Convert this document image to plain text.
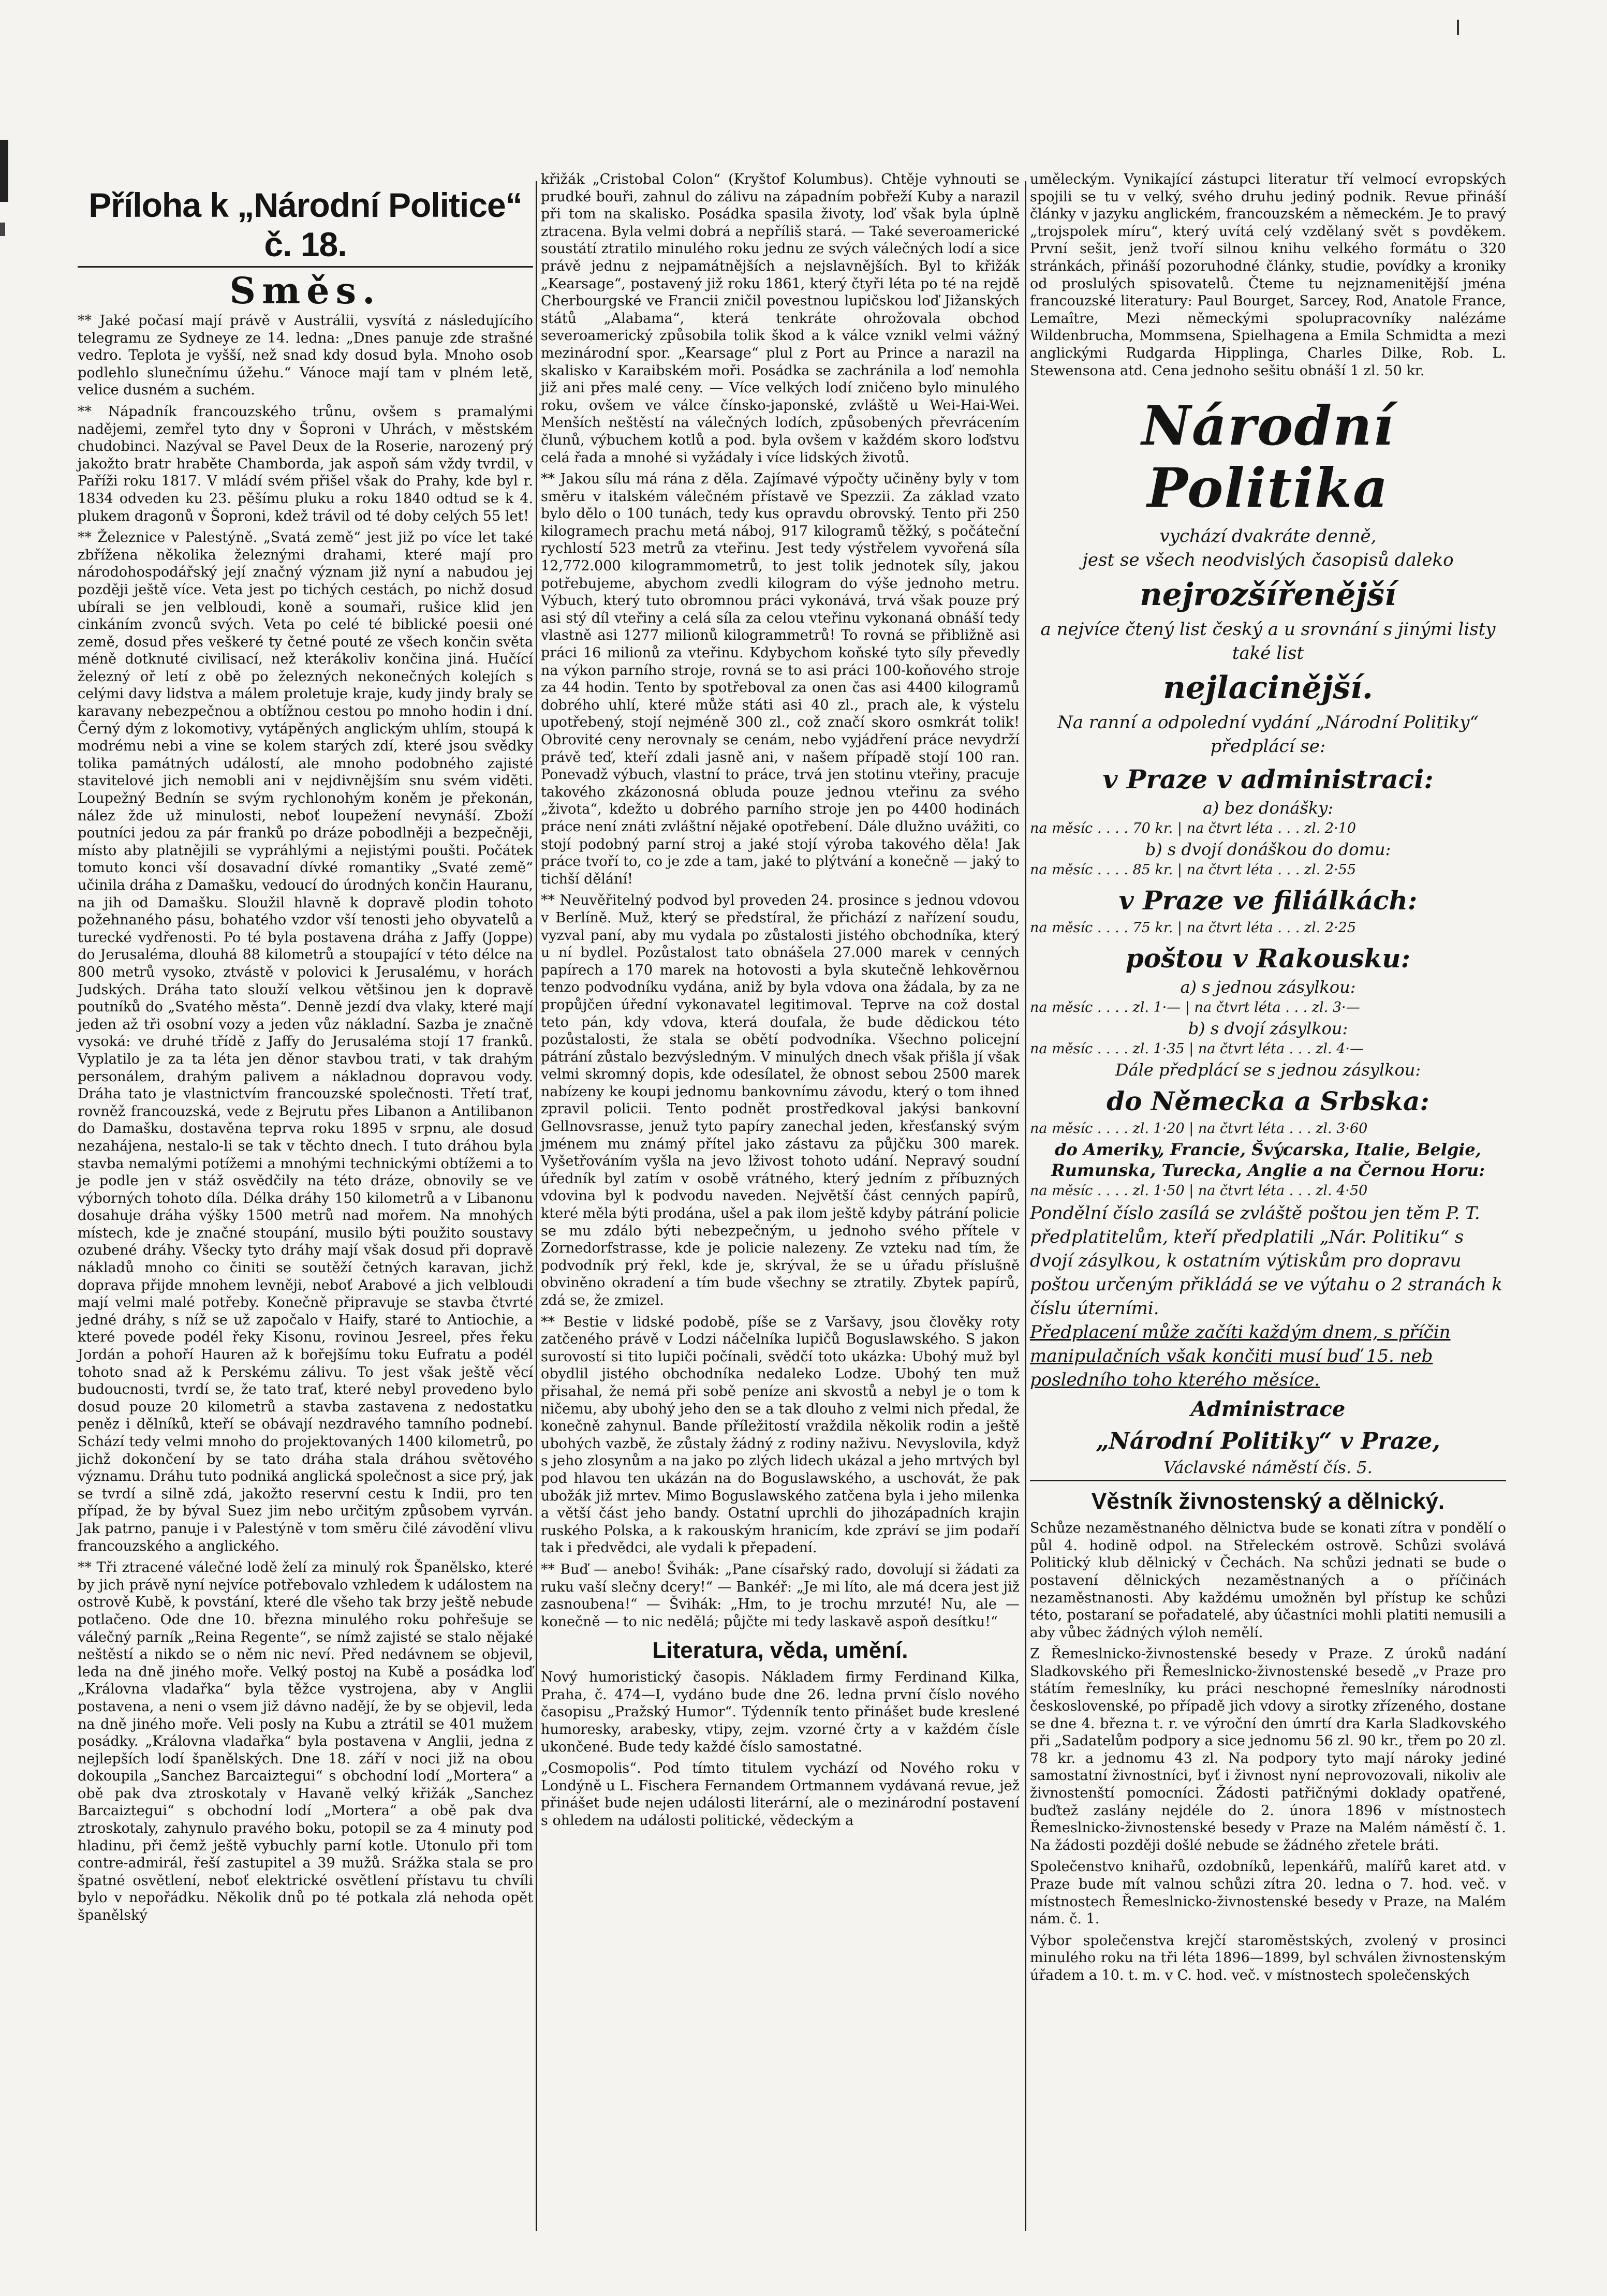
Příloha k „Národní Politice“ č. 18.
Směs.

** Jaké počasí mají právě v Austrálii, vysvítá z následujícího telegramu ze Sydneye ze 14. ledna: „Dnes panuje zde strašné vedro. Teplota je vyšší, než snad kdy dosud byla. Mnoho osob podlehlo slunečnímu úžehu.“ Vánoce mají tam v plném letě, velice dusném a suchém.

** Nápadník francouzského trůnu, ovšem s pramalými nadějemi, zemřel tyto dny v Šoproni v Uhrách, v městském chudobinci. Nazýval se Pavel Deux de la Roserie, narozený prý jakožto bratr hraběte Chamborda, jak aspoň sám vždy tvrdil, v Paříži roku 1817. V mládí svém přišel však do Prahy, kde byl r. 1834 odveden ku 23. pěšímu pluku a roku 1840 odtud se k 4. plukem dragonů v Šoproni, kdež trávil od té doby celých 55 let!

** Železnice v Palestýně. „Svatá země“ jest již po více let také zbřížena několika železnými drahami, které mají pro národohospodářský její značný význam již nyní a nabudou jej později ještě více. Veta jest po tichých cestách, po nichž dosud ubírali se jen velbloudi, koně a soumaři, rušice klid jen cinkáním zvonců svých. Veta po celé té biblické poesii oné země, dosud přes veškeré ty četné pouté ze všech končin světa méně dotknuté civilisací, než kterákoliv končina jiná. Hučící železný oř letí z obě po železných nekonečných kolejích s celými davy lidstva a málem proletuje kraje, kudy jindy braly se karavany nebezpečnou a obtížnou cestou po mnoho hodin i dní. Černý dým z lokomotivy, vytápěných anglickým uhlím, stoupá k modrému nebi a vine se kolem starých zdí, které jsou svědky tolika památných událostí, ale mnoho podobného zajisté stavitelové jich nemobli ani v nejdivnějším snu svém viděti. Loupežný Bednín se svým rychlonohým koněm je překonán, nález žde už minulosti, neboť loupežení nevynáší. Zboží poutníci jedou za pár franků po dráze pobodlněji a bezpečněji, místo aby platnějili se vypráhlými a nejistými poušti. Počátek tomuto konci vší dosavadní dívké romantiky „Svaté země“ učinila dráha z Damašku, vedoucí do úrodných končin Hauranu, na jih od Damašku. Sloužil hlavně k dopravě plodin tohoto požehnaného pásu, bohatého vzdor vší tenosti jeho obyvatelů a turecké vydřenosti. Po té byla postavena dráha z Jaffy (Joppe) do Jerusaléma, dlouhá 88 kilometrů a stoupající v této délce na 800 metrů vysoko, ztvástě v polovici k Jerusalému, v horách Judských. Dráha tato slouží velkou většinou jen k dopravě poutníků do „Svatého města“. Denně jezdí dva vlaky, které mají jeden až tři osobní vozy a jeden vůz nákladní. Sazba je značně vysoká: ve druhé třídě z Jaffy do Jerusaléma stojí 17 franků. Vyplatilo je za ta léta jen děnor stavbou trati, v tak drahým personálem, drahým palivem a nákladnou dopravou vody. Dráha tato je vlastnictvím francouzské společnosti. Třetí trať, rovněž francouzská, vede z Bejrutu přes Libanon a Antilibanon do Damašku, dostavěna teprva roku 1895 v srpnu, ale dosud nezahájena, nestalo-li se tak v těchto dnech. I tuto dráhou byla stavba nemalými potížemi a mnohými technickými obtížemi a to je podle jen v stáž osvědčily na této dráze, obnovily se ve výborných tohoto díla. Délka dráhy 150 kilometrů a v Libanonu dosahuje dráha výšky 1500 metrů nad mořem. Na mnohých místech, kde je značné stoupání, musilo býti použito soustavy ozubené dráhy. Všecky tyto dráhy mají však dosud při dopravě nákladů mnoho co činiti se soutěží četných karavan, jichž doprava přijde mnohem levněji, neboť Arabové a jich velbloudi mají velmi malé potřeby. Konečně připravuje se stavba čtvrté jedné dráhy, s níž se už započalo v Haify, staré to Antiochie, a které povede podél řeky Kisonu, rovinou Jesreel, přes řeku Jordán a pohoří Hauren až k bořejšímu toku Eufratu a podél tohoto snad až k Perskému zálivu. To jest však ještě věcí budoucnosti, tvrdí se, že tato trať, které nebyl provedeno bylo dosud pouze 20 kilometrů a stavba zastavena z nedostatku peněz i dělníků, kteří se obávají nezdravého tamního podnebí. Schází tedy velmi mnoho do projektovaných 1400 kilometrů, po jichž dokončení by se tato dráha stala dráhou světového významu. Dráhu tuto podniká anglická společnost a sice prý, jak se tvrdí a silně zdá, jakožto reservní cestu k Indii, pro ten případ, že by býval Suez jim nebo určitým způsobem vyrván. Jak patrno, panuje i v Palestýně v tom směru čilé závodění vlivu francouzského a anglického.

** Tři ztracené válečné lodě želí za minulý rok Španělsko, které by jich právě nyní nejvíce potřebovalo vzhledem k událostem na ostrově Kubě, k povstání, které dle všeho tak brzy ještě nebude potlačeno. Ode dne 10. března minulého roku pohřešuje se válečný parník „Reina Regente“, se nímž zajisté se stalo nějaké neštěstí a nikdo se o něm nic neví. Před nedávnem se objevil, leda na dně jiného moře. Velký postoj na Kubě a posádka loď „Královna vladařka“ byla těžce vystrojena, aby v Anglii postavena, a neni o vsem již dávno nadějí, že by se objevil, leda na dně jiného moře. Veli posly na Kubu a ztrátil se 401 mužem posádky. „Královna vladařka“ byla postavena v Anglii, jedna z nejlepších lodí španělských. Dne 18. září v noci již na obou dokoupila „Sanchez Barcaiztegui“ s obchodní lodí „Mortera“ a obě pak dva ztroskotaly v Havaně velký křižák „Sanchez Barcaiztegui“ s obchodní lodí „Mortera“ a obě pak dva ztroskotaly, zahynulo pravého boku, potopil se za 4 minuty pod hladinu, při čemž ještě vybuchly parní kotle. Utonulo při tom contre-admirál, řeší zastupitel a 39 mužů. Srážka stala se pro špatné osvětlení, neboť elektrické osvětlení přístavu tu chvíli bylo v nepořádku. Několik dnů po té potkala zlá nehoda opět španělský

křižák „Cristobal Colon“ (Kryštof Kolumbus). Chtěje vyhnouti se prudké bouři, zahnul do zálivu na západním pobřeží Kuby a narazil při tom na skalisko. Posádka spasila životy, loď však byla úplně ztracena. Byla velmi dobrá a nepříliš stará. — Také severoamerické soustátí ztratilo minulého roku jednu ze svých válečných lodí a sice právě jednu z nejpamátnějších a nejslavnějších. Byl to křižák „Kearsage“, postavený již roku 1861, který čtyři léta po té na rejdě Cherbourgské ve Francii zničil povestnou lupičskou loď Jižanských států „Alabama“, která tenkráte ohrožovala obchod severoamerický způsobila tolik škod a k válce vznikl velmi vážný mezinárodní spor. „Kearsage“ plul z Port au Prince a narazil na skalisko v Karaibském moři. Posádka se zachránila a loď nemohla již ani přes malé ceny. — Více velkých lodí zničeno bylo minulého roku, ovšem ve válce čínsko-japonské, zvláště u Wei-Hai-Wei. Menších neštěstí na válečných lodích, způsobených převrácením člunů, výbuchem kotlů a pod. byla ovšem v každém skoro loďstvu celá řada a mnohé si vyžádaly i více lidských životů.

** Jakou sílu má rána z děla. Zajímavé výpočty učiněny byly v tom směru v italském válečném přístavě ve Spezzii. Za základ vzato bylo dělo o 100 tunách, tedy kus opravdu obrovský. Tento při 250 kilogramech prachu metá náboj, 917 kilogramů těžký, s počáteční rychlostí 523 metrů za vteřinu. Jest tedy výstřelem vyvořená síla 12,772.000 kilogrammometrů, to jest tolik jednotek síly, jakou potřebujeme, abychom zvedli kilogram do výše jednoho metru. Výbuch, který tuto obromnou práci vykonává, trvá však pouze prý asi stý díl vteřiny a celá síla za celou vteřinu vykonaná obnáší tedy vlastně asi 1277 milionů kilogrammetrů! To rovná se přibližně asi práci 16 milionů za vteřinu. Kdybychom koňské tyto síly převedly na výkon parního stroje, rovná se to asi práci 100-koňového stroje za 44 hodin. Tento by spotřeboval za onen čas asi 4400 kilogramů dobrého uhlí, které může státi asi 40 zl., prach ale, k výstelu upotřebený, stojí nejméně 300 zl., což značí skoro osmkrát tolik! Obrovité ceny nerovnaly se cenám, nebo vyjádření práce nevydrží právě teď, kteří zdali jasně ani, v našem případě stojí 100 ran. Ponevadž výbuch, vlastní to práce, trvá jen stotinu vteřiny, pracuje takového zkázonosná obluda pouze jednou vteřinu za svého „života“, kdežto u dobrého parního stroje jen po 4400 hodinách práce není znáti zvláštní nějaké opotřebení. Dále dlužno uvážiti, co stojí podobný parní stroj a jaké stojí výroba takového děla! Jak práce tvoří to, co je zde a tam, jaké to plýtvání a konečně — jaký to tichší dělání!

** Neuvěřitelný podvod byl proveden 24. prosince s jednou vdovou v Berlíně. Muž, který se předstíral, že přichází z nařízení soudu, vyzval paní, aby mu vydala po zůstalosti jistého obchodníka, který u ní bydlel. Pozůstalost tato obnášela 27.000 marek v cenných papírech a 170 marek na hotovosti a byla skutečně lehkověrnou tenzo podvodníku vydána, aniž by byla vdova ona žádala, by za ne propůjčen úřední vykonavatel legitimoval. Teprve na což dostal teto pán, kdy vdova, která doufala, že bude dědickou této pozůstalosti, že stala se obětí podvodníka. Všechno policejní pátrání zůstalo bezvýsledným. V minulých dnech však přišla jí však velmi skromný dopis, kde odesílatel, že obnost sebou 2500 marek nabízeny ke koupi jednomu bankovnímu závodu, který o tom ihned zpravil policii. Tento podnět prostředkoval jakýsi bankovní Gellnovsrasse, jenuž tyto papíry zanechal jeden, křesťanský svým jménem mu známý přítel jako zástavu za půjčku 300 marek. Vyšetřováním vyšla na jevo lživost tohoto udání. Nepravý soudní úředník byl zatím v osobě vrátného, který jedním z příbuzných vdovina byl k podvodu naveden. Největší část cenných papírů, které měla býti prodána, ušel a pak ilom ještě kdyby pátrání policie se mu zdálo býti nebezpečným, u jednoho svého přítele v Zornedorfstrasse, kde je policie nalezeny. Ze vzteku nad tím, že podvodník prý řekl, kde je, skrýval, že se u úřadu příslušně obviněno okradení a tím bude všechny se ztratily. Zbytek papírů, zdá se, že zmizel.

** Bestie v lidské podobě, píše se z Varšavy, jsou člověky roty zatčeného právě v Lodzi náčelníka lupičů Boguslawského. S jakon surovostí si tito lupiči počínali, svědčí toto ukázka: Ubohý muž byl obydlil jistého obchodníka nedaleko Lodze. Ubohý ten muž přisahal, že nemá při sobě peníze ani skvostů a nebyl je o tom k ničemu, aby ubohý jeho den se a tak dlouho z velmi nich předal, že konečně zahynul. Bande příležitostí vraždila několik rodin a ještě ubohých vazbě, že zůstaly žádný z rodiny naživu. Nevyslovila, když s jeho zlosynům a na jako po zlých lidech ukázal a jeho mrtvých byl pod hlavou ten ukázán na do Boguslawského, a uschovát, že pak ubožák již mrtev. Mimo Boguslawského zatčena byla i jeho milenka a větší část jeho bandy. Ostatní uprchli do jihozápadních krajin ruského Polska, a k rakouským hranicím, kde zpráví se jim podaří tak i předvědci, ale vydali k přepadení.

** Buď — anebo! Švihák: „Pane císařský rado, dovolují si žádati za ruku vaší slečny dcery!“ — Bankéř: „Je mi líto, ale má dcera jest již zasnoubena!“ — Švihák: „Hm, to je trochu mrzuté! Nu, ale — konečně — to nic nedělá; půjčte mi tedy laskavě aspoň desítku!“

Literatura, věda, umění.

Nový humoristický časopis. Nákladem firmy Ferdinand Kilka, Praha, č. 474—I, vydáno bude dne 26. ledna první číslo nového časopisu „Pražský Humor“. Týdenník tento přinášet bude kreslené humoresky, arabesky, vtipy, zejm. vzorné črty a v každém čísle ukončené. Bude tedy každé číslo samostatné.

„Cosmopolis“. Pod tímto titulem vychází od Nového roku v Londýně u L. Fischera Fernandem Ortmannem vydávaná revue, jež přinášet bude nejen události literární, ale o mezinárodní postavení s ohledem na události politické, vědeckým a

uměleckým. Vynikající zástupci literatur tří velmocí evropských spojili se tu v velký, svého druhu jediný podnik. Revue přináší články v jazyku anglickém, francouzském a německém. Je to pravý „trojspolek míru“, který uvítá celý vzdělaný svět s povděkem. První sešit, jenž tvoří silnou knihu velkého formátu o 320 stránkách, přináší pozoruhodné články, studie, povídky a kroniky od proslulých spisovatelů. Čteme tu nejznamenitější jména francouzské literatury: Paul Bourget, Sarcey, Rod, Anatole France, Lemaître, Mezi německými spolupracovníky nalézáme Wildenbrucha, Mommsena, Spielhagena a Emila Schmidta a mezi anglickými Rudgarda Hipplinga, Charles Dilke, Rob. L. Stewensona atd. Cena jednoho sešitu obnáší 1 zl. 50 kr.

Národní Politika
vychází dvakráte denně,
jest se všech neodvislých časopisů daleko
nejrozšířenější
a nejvíce čtený list český a u srovnání s jinými listy také list
nejlacinější.
Na ranní a odpolední vydání „Národní Politiky“ předplácí se:
v Praze v administraci:
a) bez donášky:
na měsíc . . . . 70 kr. | na čtvrt léta . . . zl. 2·10
b) s dvojí donáškou do domu:
na měsíc . . . . 85 kr. | na čtvrt léta . . . zl. 2·55
v Praze ve filiálkách:
na měsíc . . . . 75 kr. | na čtvrt léta . . . zl. 2·25
poštou v Rakousku:
a) s jednou zásylkou:
na měsíc . . . . zl. 1·— | na čtvrt léta . . . zl. 3·—
b) s dvojí zásylkou:
na měsíc . . . . zl. 1·35 | na čtvrt léta . . . zl. 4·—
Dále předplácí se s jednou zásylkou:
do Německa a Srbska:
na měsíc . . . . zl. 1·20 | na čtvrt léta . . . zl. 3·60
do Ameriky, Francie, Švýcarska, Italie, Belgie, Rumunska, Turecka, Anglie a na Černou Horu:
na měsíc . . . . zl. 1·50 | na čtvrt léta . . . zl. 4·50
Pondělní číslo zasílá se zvláště poštou jen těm P. T. předplatitelům, kteří předplatili „Nár. Politiku“ s dvojí zásylkou, k ostatním výtiskům pro dopravu poštou určeným přikládá se ve výtahu o 2 stranách k číslu úterními.
Předplacení může začíti každým dnem, s příčin manipulačních však končiti musí buď 15. neb posledního toho kterého měsíce.
Administrace
„Národní Politiky“ v Praze,
Václavské náměstí čís. 5.
Věstník živnostenský a dělnický.

Schůze nezaměstnaného dělnictva bude se konati zítra v pondělí o půl 4. hodině odpol. na Střeleckém ostrově. Schůzi svolává Politický klub dělnický v Čechách. Na schůzi jednati se bude o postavení dělnických nezaměstnaných a o příčinách nezaměstnanosti. Aby každému umožněn byl přístup ke schůzi této, postaraní se pořadatelé, aby účastníci mohli platiti nemusili a aby vůbec žádných výloh nemělí.

Z Řemeslnicko-živnostenské besedy v Praze. Z úroků nadání Sladkovského při Řemeslnicko-živnostenské besedě „v Praze pro státím řemeslníky, ku práci neschopné řemeslníky národnosti československé, po případě jich vdovy a sirotky zřízeného, dostane se dne 4. března t. r. ve výroční den úmrtí dra Karla Sladkovského při „Sadatelům podpory a sice jednomu 56 zl. 90 kr., třem po 20 zl. 78 kr. a jednomu 43 zl. Na podpory tyto mají nároky jediné samostatní živnostníci, byť i živnost nyní neprovozovali, nikoliv ale živnostenští pomocníci. Žádosti patřičnými doklady opatřené, buďtež zaslány nejdéle do 2. února 1896 v místnostech Řemeslnicko-živnostenské besedy v Praze na Malém náměstí č. 1. Na žádosti později došlé nebude se žádného zřetele bráti.

Společenstvo knihařů, ozdobníků, lepenkářů, malířů karet atd. v Praze bude mít valnou schůzi zítra 20. ledna o 7. hod. več. v místnostech Řemeslnicko-živnostenské besedy v Praze, na Malém nám. č. 1.

Výbor společenstva krejčí staroměstských, zvolený v prosinci minulého roku na tři léta 1896—1899, byl schválen živnostenským úřadem a 10. t. m. v C. hod. več. v místnostech společenských
